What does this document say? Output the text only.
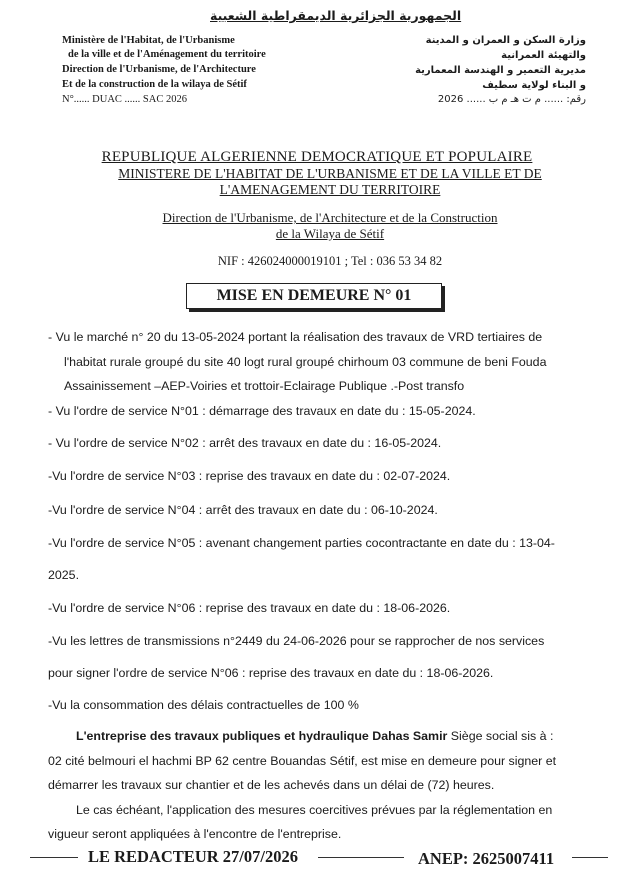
الجمهورية الجزائرية الديمقراطية الشعبية
Ministère de l'Habitat, de l'Urbanisme
de la ville et de l'Aménagement du territoire
Direction de l'Urbanisme, de l'Architecture
Et de la construction de la wilaya de Sétif
وزارة السكن و العمران و المدينة
والتهيئة العمرانية
مديرية التعمير و الهندسة المعمارية
و البناء لولاية سطيف
N°...... DUAC ...... SAC 2026	رقم: ...... م ت هـ م ب ...... 2026
REPUBLIQUE ALGERIENNE DEMOCRATIQUE ET POPULAIRE
MINISTERE DE L'HABITAT DE L'URBANISME ET DE LA VILLE ET DE
L'AMENAGEMENT DU TERRITOIRE
Direction de l'Urbanisme, de l'Architecture et de la Construction
de la Wilaya de Sétif
NIF : 426024000019101 ; Tel : 036 53 34 82
MISE EN DEMEURE N° 01
- Vu le marché n° 20 du 13-05-2024 portant la réalisation des travaux de VRD tertiaires de
l'habitat rurale groupé du site 40 logt rural groupé chirhoum 03 commune de beni Fouda
Assainissement –AEP-Voiries et trottoir-Eclairage Publique .-Post transfo
- Vu l'ordre de service N°01 : démarrage des travaux en date du : 15-05-2024.
- Vu l'ordre de service N°02 : arrêt des travaux en date du : 16-05-2024.
-Vu l'ordre de service N°03 : reprise des travaux en date du : 02-07-2024.
-Vu l'ordre de service N°04 : arrêt des travaux en date du : 06-10-2024.
-Vu l'ordre de service N°05 : avenant changement parties cocontractante en date du : 13-04-
2025.
-Vu l'ordre de service N°06 : reprise des travaux en date du : 18-06-2026.
-Vu les lettres de transmissions n°2449 du 24-06-2026 pour se rapprocher de nos services
pour signer l'ordre de service N°06 : reprise des travaux en date du : 18-06-2026.
-Vu la consommation des délais contractuelles de 100 %
L'entreprise des travaux publiques et hydraulique Dahas Samir Siège social sis à :
02 cité belmouri el hachmi BP 62 centre Bouandas Sétif, est mise en demeure pour signer et
démarrer les travaux sur chantier et de les achevés dans un délai de (72) heures.
Le cas échéant, l'application des mesures coercitives prévues par la réglementation en
vigueur seront appliquées à l'encontre de l'entreprise.
LE REDACTEUR 27/07/2026	ANEP: 2625007411
